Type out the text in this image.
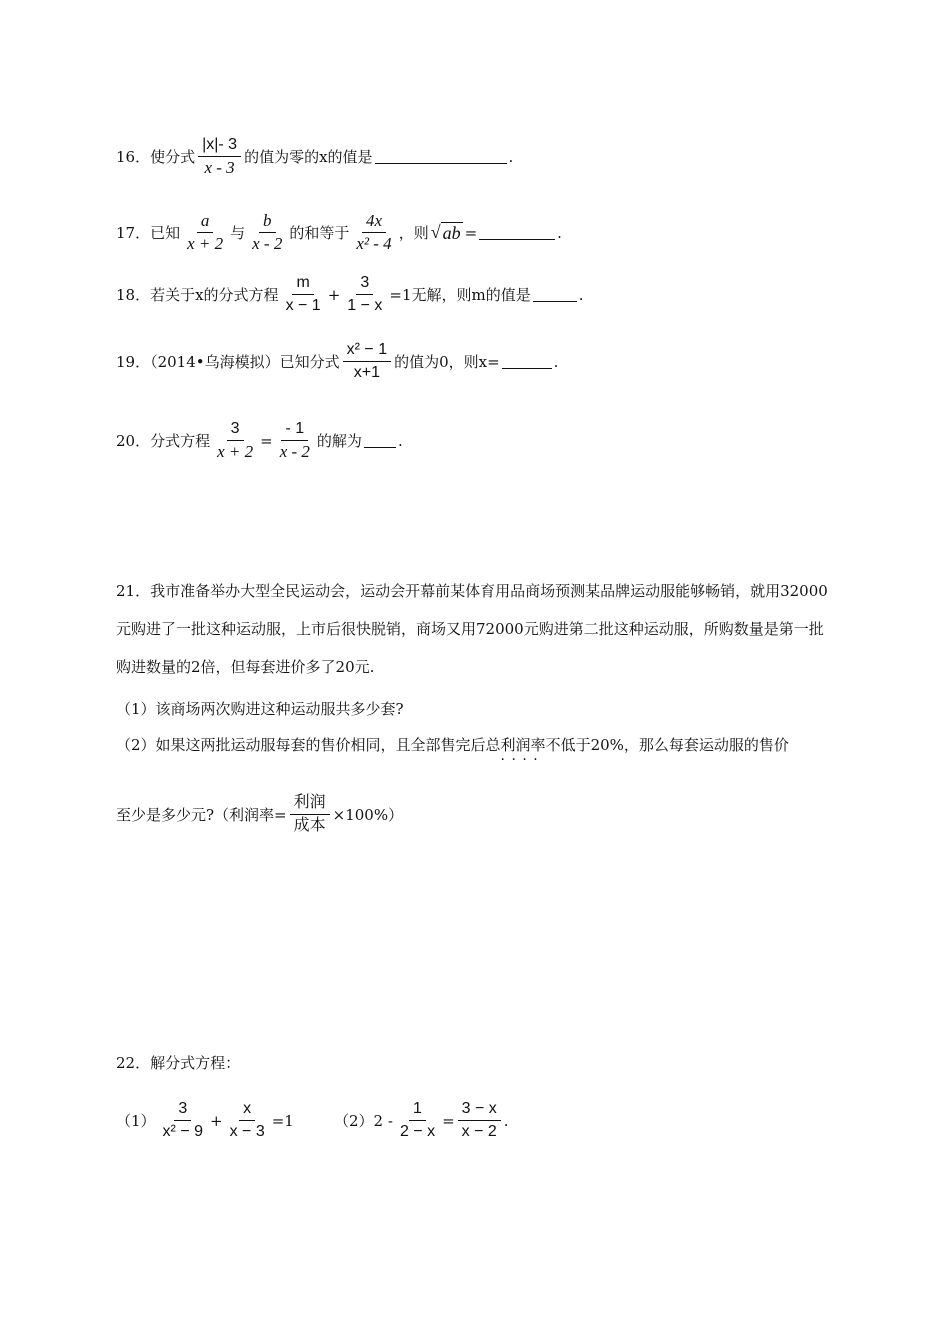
16．使分式 $\frac{|x|- 3}{x - 3}$ 的值为零的x的值是	.
17．已知 $\frac{a}{x + 2}$ 与 $\frac{b}{x - 2}$ 的和等于 $\frac{4x}{\text{x² - 4}}$ ，则 √ ab =	.
18．若关于x的分式方程 $\frac{m}{x - 1} + \frac{3}{1 - x} =1$无解，则m的值是	.
19．（2014•乌海模拟）已知分式 $\frac{\text{x² − 1}}{x+1}$ 的值为0，则x=	.
20．分式方程 $\frac{3}{x + 2} = \frac{- 1}{x - 2}$ 的解为 .
21．我市准备举办大型全民运动会，运动会开幕前某体育用品商场预测某品牌运动服能够畅销，就用32000元购进了一批这种运动服，上市后很快脱销，商场又用72000元购进第二批这种运动服，所购数量是第一批购进数量的2倍，但每套进价多了20元.
（1）该商场两次购进这种运动服共多少套?
（2）如果这两批运动服每套的售价相同，且全部售完后总利润率 · · · ·不低于20%，那么每套运动服的售价
至少是多少元?（利润率 = $\frac{\text{利润}}{\text{成本}} \times 100\%$）
22．解分式方程：
$(1) \frac{3}{\text{x² − 9}} + \frac{x}{x - 3} =1$	$(2)2 - \frac{1}{2 - x} = \frac{3 - x}{x - 2}$ .
